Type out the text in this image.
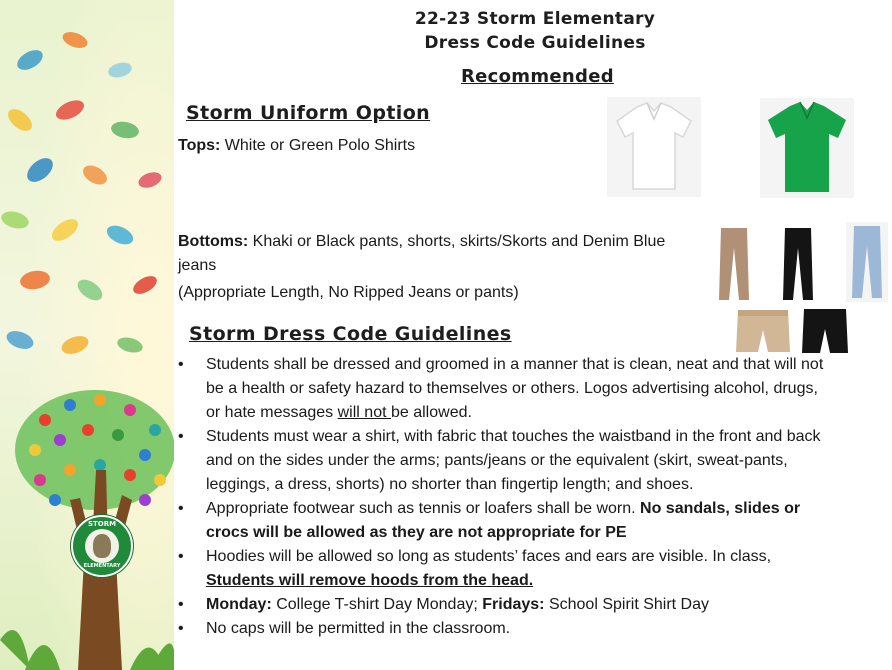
STORM
ELEMENTARY
22-23 Storm Elementary
Dress Code Guidelines
Recommended
Storm Uniform Option
Tops: White or Green Polo Shirts
Bottoms: Khaki or Black pants, shorts, skirts/Skorts and Denim Blue jeans
(Appropriate Length, No Ripped Jeans or pants)
Storm Dress Code Guidelines
• Students shall be dressed and groomed in a manner that is clean, neat and that will not be a health or safety hazard to themselves or others. Logos advertising alcohol, drugs, or hate messages will not be allowed.
• Students must wear a shirt, with fabric that touches the waistband in the front and back and on the sides under the arms; pants/jeans or the equivalent (skirt, sweat-pants, leggings, a dress, shorts) no shorter than fingertip length; and shoes.
• Appropriate footwear such as tennis or loafers shall be worn. No sandals, slides or crocs will be allowed as they are not appropriate for PE
• Hoodies will be allowed so long as students’ faces and ears are visible. In class, Students will remove hoods from the head.
• Monday: College T-shirt Day Monday; Fridays: School Spirit Shirt Day
• No caps will be permitted in the classroom.
